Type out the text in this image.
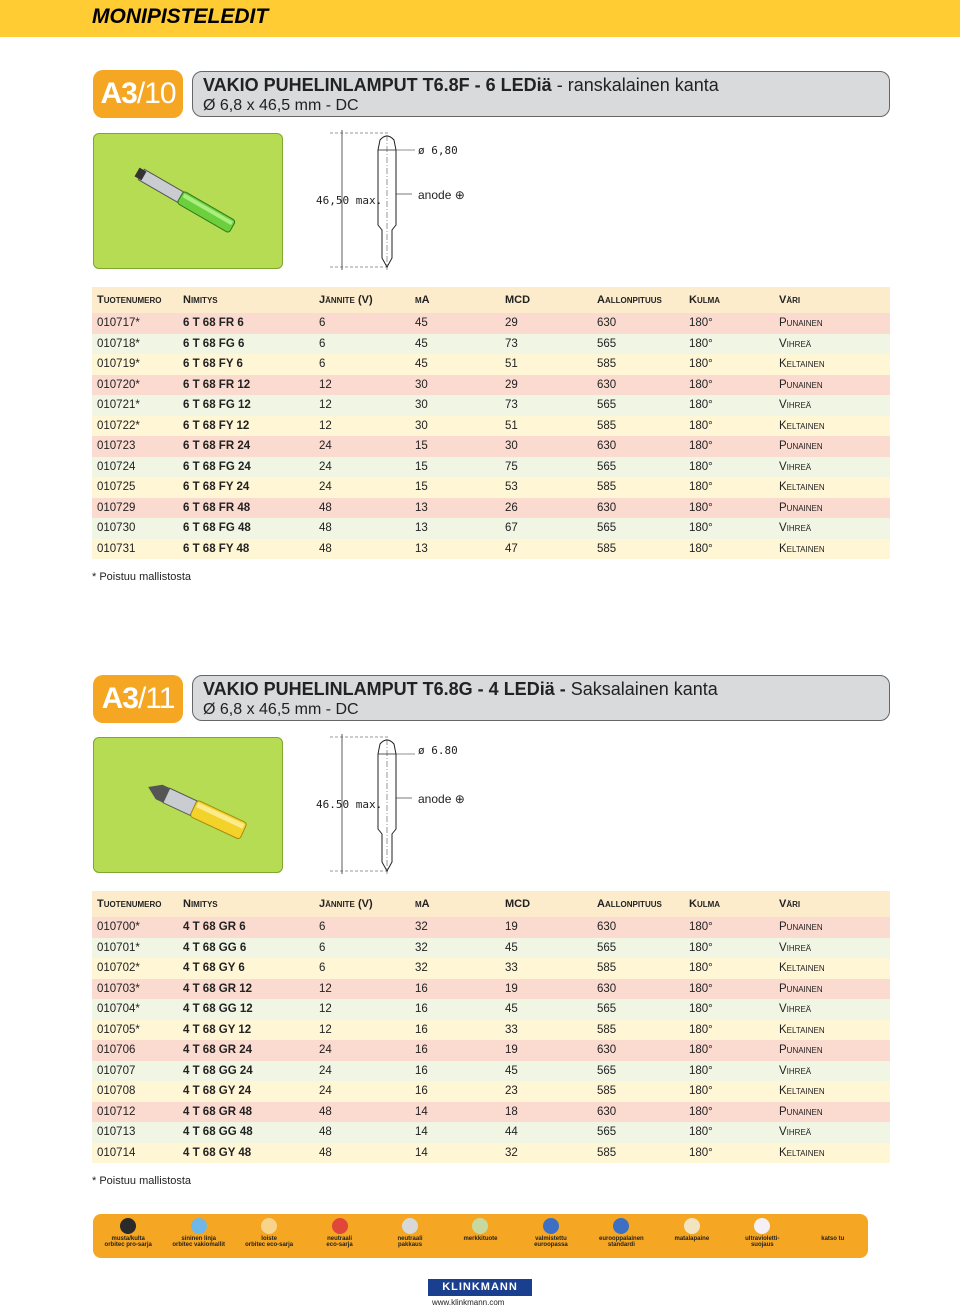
MONIPISTELEDIT
A3 /10 VAKIO PUHELINLAMPUT T6.8F - 6 LEDiä - ranskalainen kanta
Ø 6,8 x 46,5 mm - DC
ø 6,80
46,50 max.	anode ⊕
Tuotenumero	Nimitys	Jännite (V)	mA	MCD	Aallonpituus	Kulma	Väri
010717*	6 T 68 FR 6	6	45	29	630	180°	Punainen
010718*	6 T 68 FG 6	6	45	73	565	180°	Vihreä
010719*	6 T 68 FY 6	6	45	51	585	180°	Keltainen
010720*	6 T 68 FR 12	12	30	29	630	180°	Punainen
010721*	6 T 68 FG 12	12	30	73	565	180°	Vihreä
010722*	6 T 68 FY 12	12	30	51	585	180°	Keltainen
010723	6 T 68 FR 24	24	15	30	630	180°	Punainen
010724	6 T 68 FG 24	24	15	75	565	180°	Vihreä
010725	6 T 68 FY 24	24	15	53	585	180°	Keltainen
010729	6 T 68 FR 48	48	13	26	630	180°	Punainen
010730	6 T 68 FG 48	48	13	67	565	180°	Vihreä
010731	6 T 68 FY 48	48	13	47	585	180°	Keltainen
* Poistuu mallistosta
A3 /11 VAKIO PUHELINLAMPUT T6.8G - 4 LEDiä - Saksalainen kanta
Ø 6,8 x 46,5 mm - DC
ø 6.80
46.50 max.	anode ⊕
Tuotenumero	Nimitys	Jännite (V)	mA	MCD	Aallonpituus	Kulma	Väri
010700*	4 T 68 GR 6	6	32	19	630	180°	Punainen
010701*	4 T 68 GG 6	6	32	45	565	180°	Vihreä
010702*	4 T 68 GY 6	6	32	33	585	180°	Keltainen
010703*	4 T 68 GR 12	12	16	19	630	180°	Punainen
010704*	4 T 68 GG 12	12	16	45	565	180°	Vihreä
010705*	4 T 68 GY 12	12	16	33	585	180°	Keltainen
010706	4 T 68 GR 24	24	16	19	630	180°	Punainen
010707	4 T 68 GG 24	24	16	45	565	180°	Vihreä
010708	4 T 68 GY 24	24	16	23	585	180°	Keltainen
010712	4 T 68 GR 48	48	14	18	630	180°	Punainen
010713	4 T 68 GG 48	48	14	44	565	180°	Vihreä
010714	4 T 68 GY 48	48	14	32	585	180°	Keltainen
* Poistuu mallistosta
musta/kulta
orbitec pro-sarja
sininen linja
orbitec vakiomallit
loiste
orbitec eco-sarja
neutraali
eco-sarja
neutraali
pakkaus
merkkituote	valmistettu
euroopassa
eurooppalainen
standardi
matalapaine	ultravioletti-
suojaus
katso tu
KLINKMANN
www.klinkmann.com
